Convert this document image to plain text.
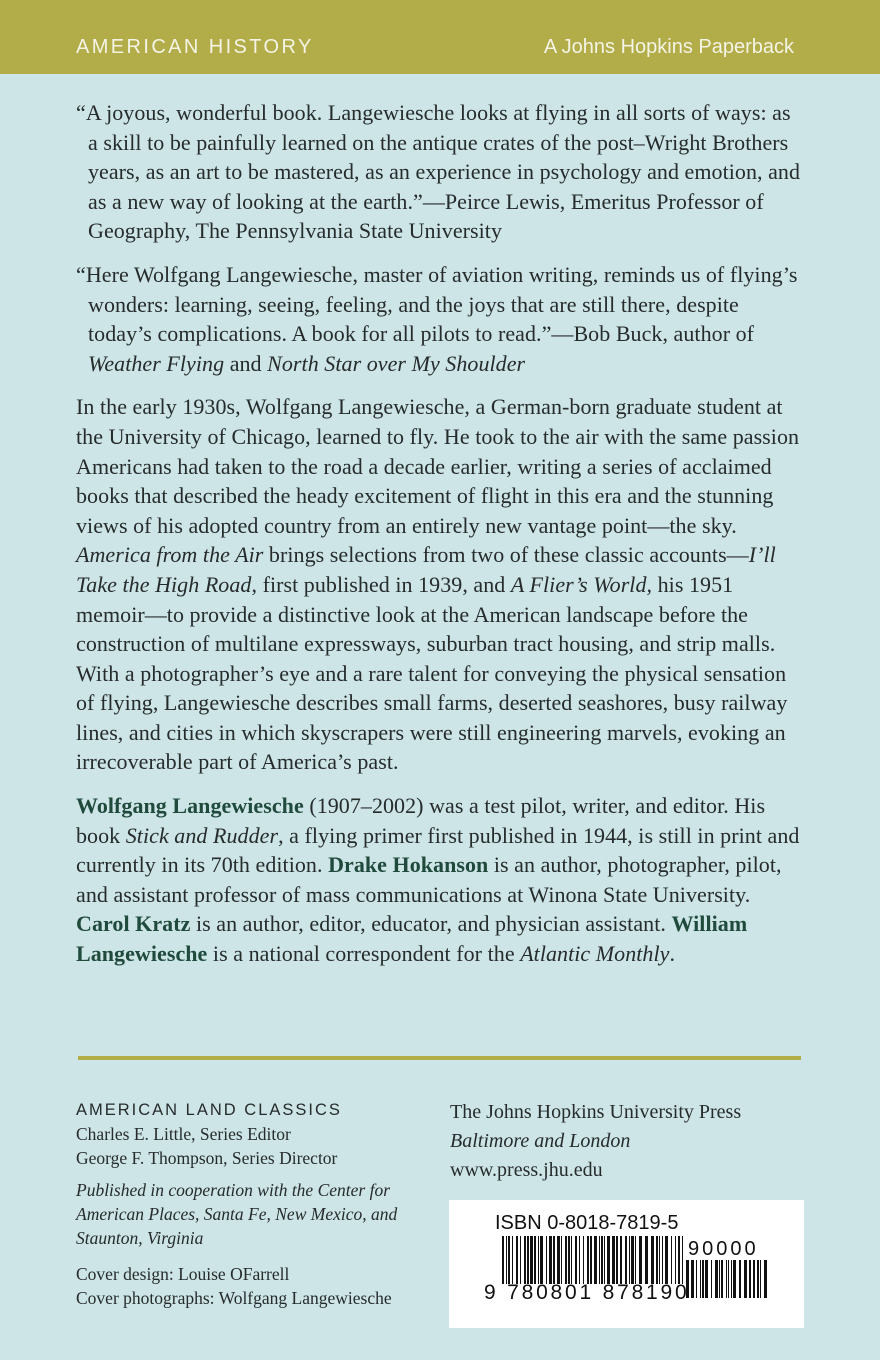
AMERICAN HISTORY	A Johns Hopkins Paperback

“A joyous, wonderful book. Langewiesche looks at flying in all sorts of ways: as a skill to be painfully learned on the antique crates of the post–Wright Brothers years, as an art to be mastered, as an experience in psychology and emotion, and as a new way of looking at the earth.”—Peirce Lewis, Emeritus Professor of Geography, The Pennsylvania State University

“Here Wolfgang Langewiesche, master of aviation writing, reminds us of flying’s wonders: learning, seeing, feeling, and the joys that are still there, despite today’s complications. A book for all pilots to read.”—Bob Buck, author of Weather Flying and North Star over My Shoulder

In the early 1930s, Wolfgang Langewiesche, a German-born graduate student at the University of Chicago, learned to fly. He took to the air with the same passion Americans had taken to the road a decade earlier, writing a series of acclaimed books that described the heady excitement of flight in this era and the stunning views of his adopted country from an entirely new vantage point—the sky. America from the Air brings selections from two of these classic accounts—I’ll Take the High Road, first published in 1939, and A Flier’s World, his 1951 memoir—to provide a distinctive look at the American landscape before the construction of multilane expressways, suburban tract housing, and strip malls. With a photographer’s eye and a rare talent for conveying the physical sensation of flying, Langewiesche describes small farms, deserted seashores, busy railway lines, and cities in which skyscrapers were still engineering marvels, evoking an irrecoverable part of America’s past.

Wolfgang Langewiesche (1907–2002) was a test pilot, writer, and editor. His book Stick and Rudder, a flying primer first published in 1944, is still in print and currently in its 70th edition. Drake Hokanson is an author, photographer, pilot, and assistant professor of mass communications at Winona State University. Carol Kratz is an author, editor, educator, and physician assistant. William Langewiesche is a national correspondent for the Atlantic Monthly.

AMERICAN LAND CLASSICS
Charles E. Little, Series Editor
George F. Thompson, Series Director
Published in cooperation with the Center for American Places, Santa Fe, New Mexico, and Staunton, Virginia
Cover design: Louise OFarrell
Cover photographs: Wolfgang Langewiesche
The Johns Hopkins University Press
Baltimore and London
www.press.jhu.edu
ISBN 0-8018-7819-5
90000
9 780801 878190
